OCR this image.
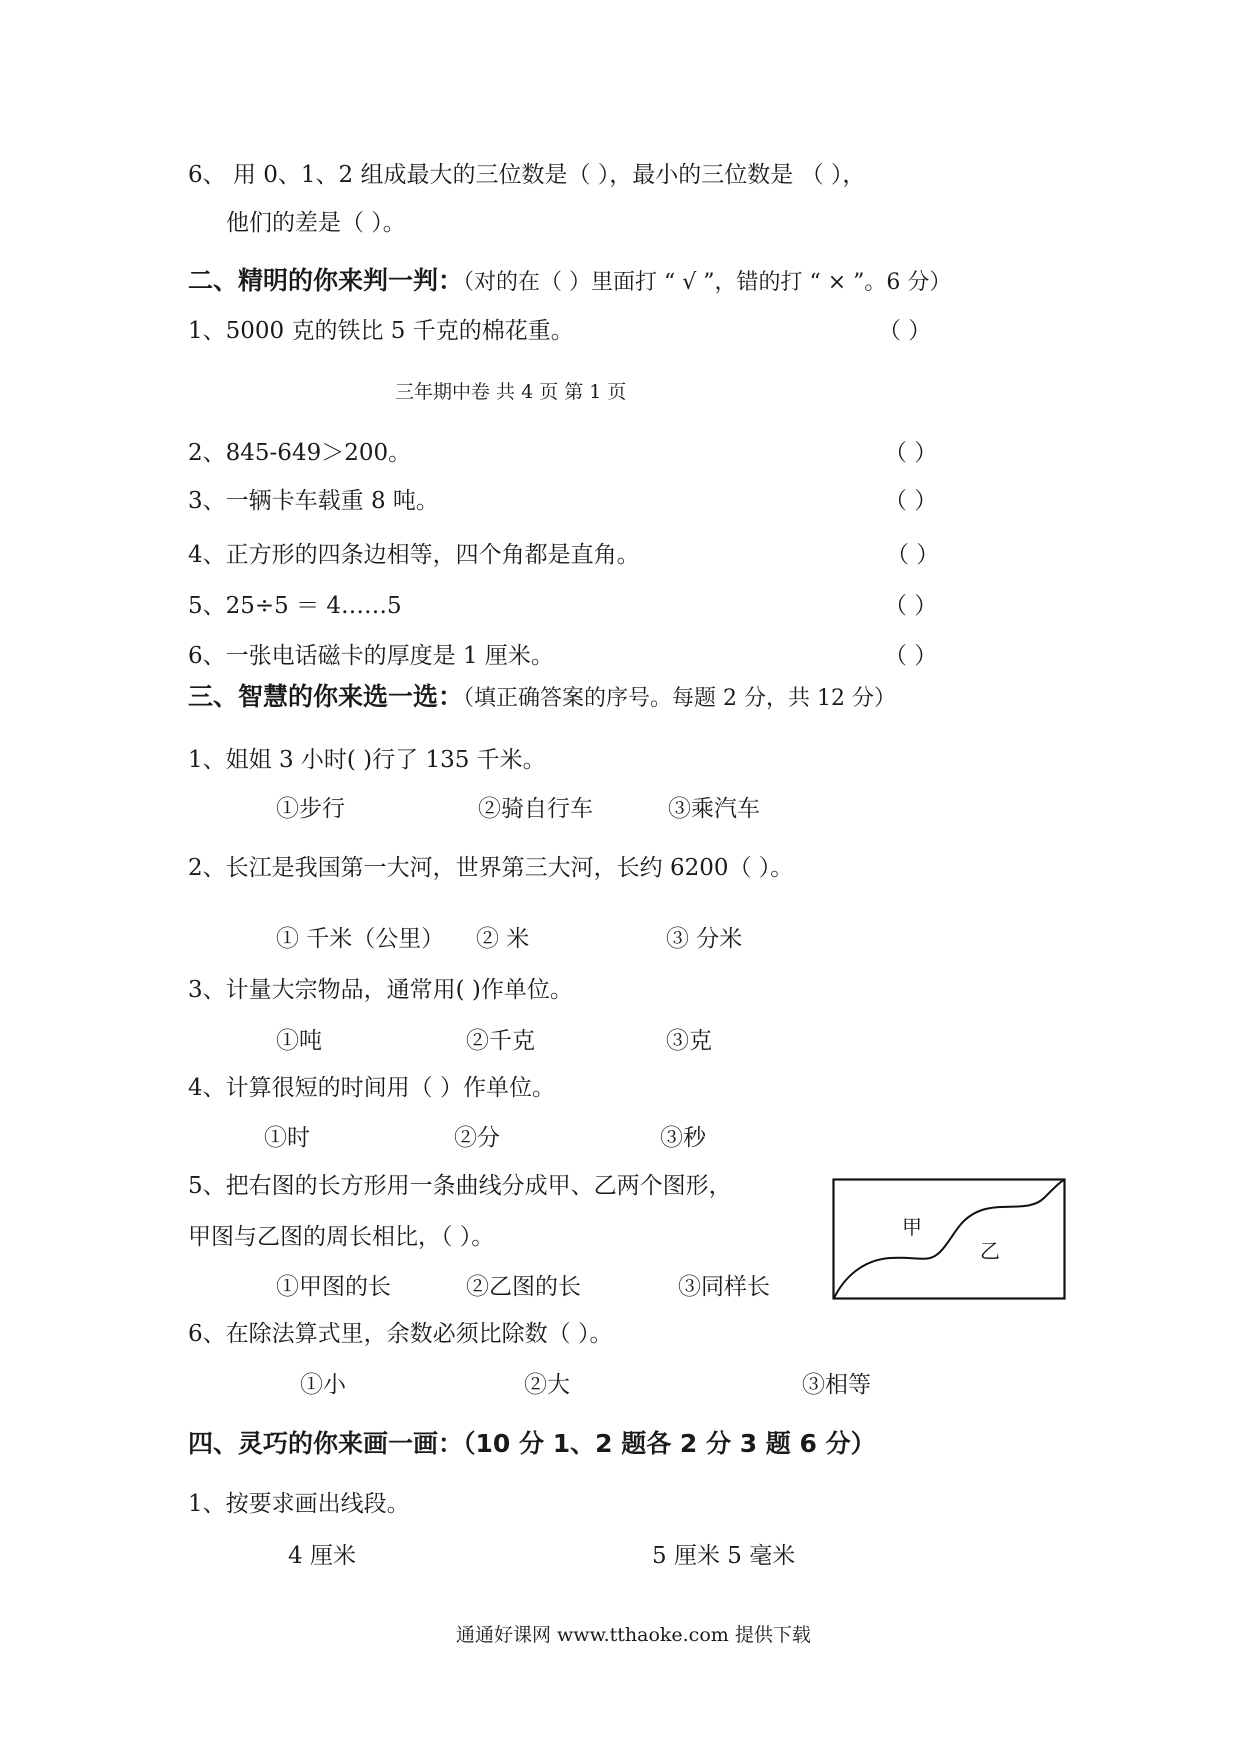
6、 用 0、1、2 组成最大的三位数是（ ），最小的三位数是 （ ），
他们的差是（ ）。
二、精明的你来判一判：（对的在（ ）里面打 “ √ ”，错的打 “ × ”。6 分）
1、5000 克的铁比 5 千克的棉花重。	（ ）
三年期中卷 共 4 页 第 1 页
2、845-649＞200。	（ ）
3、一辆卡车载重 8 吨。	（ ）
4、正方形的四条边相等，四个角都是直角。	（ ）
5、25÷5 ＝ 4……5	（ ）
6、一张电话磁卡的厚度是 1 厘米。	（ ）
三、智慧的你来选一选：（填正确答案的序号。每题 2 分，共 12 分）
1、姐姐 3 小时( )行了 135 千米。
①步行	②骑自行车	③乘汽车
2、长江是我国第一大河，世界第三大河，长约 6200（ ）。
① 千米（公里） ② 米	③ 分米
3、计量大宗物品，通常用( )作单位。
①吨	②千克	③克
4、计算很短的时间用（ ）作单位。
①时	②分	③秒
5、把右图的长方形用一条曲线分成甲、乙两个图形，
甲图与乙图的周长相比，（ ）。
①甲图的长	②乙图的长	③同样长
甲
乙
6、在除法算式里，余数必须比除数（ ）。
①小	②大	③相等
四、灵巧的你来画一画：（10 分 1、2 题各 2 分 3 题 6 分）
1、按要求画出线段。
4 厘米	5 厘米 5 毫米
通通好课网 www.tthaoke.com 提供下载
